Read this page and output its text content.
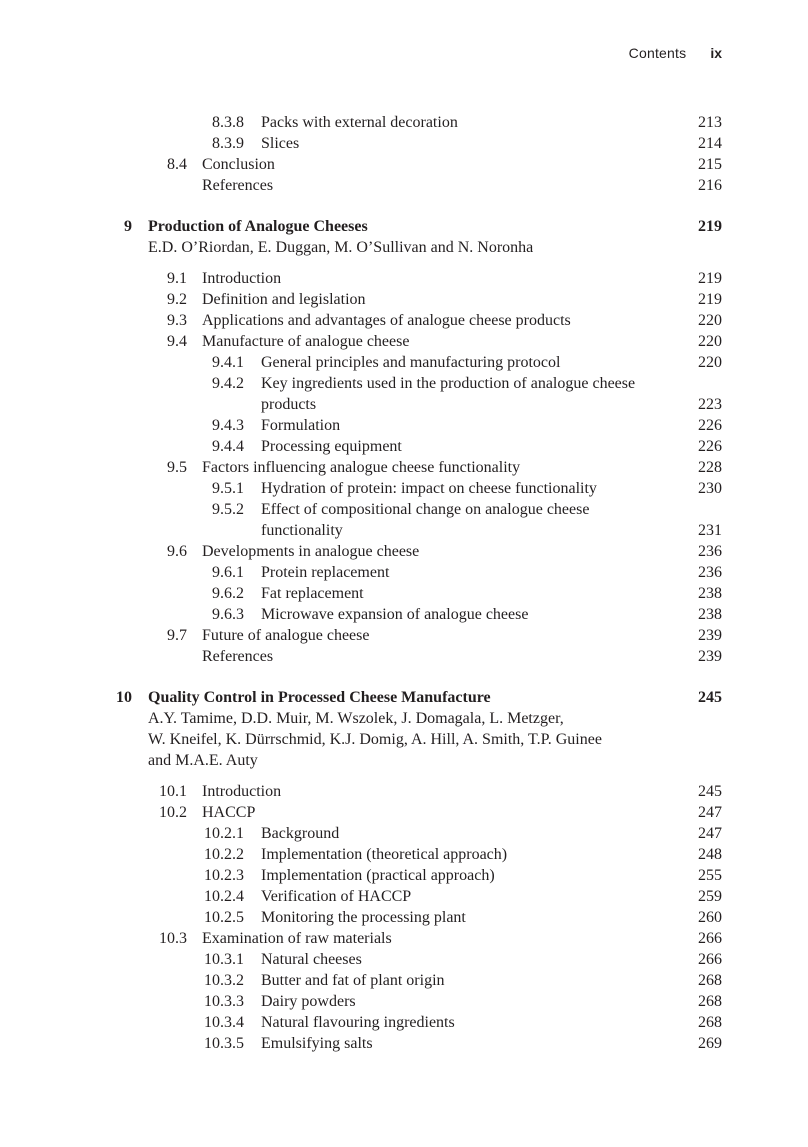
Contents ix
8.3.8 Packs with external decoration	213
8.3.9 Slices	214
8.4 Conclusion	215
References	216
9 Production of Analogue Cheeses	219
E.D. O’Riordan, E. Duggan, M. O’Sullivan and N. Noronha
9.1 Introduction	219
9.2 Definition and legislation	219
9.3 Applications and advantages of analogue cheese products	220
9.4 Manufacture of analogue cheese	220
9.4.1 General principles and manufacturing protocol	220
9.4.2 Key ingredients used in the production of analogue cheese
products	223
9.4.3 Formulation	226
9.4.4 Processing equipment	226
9.5 Factors influencing analogue cheese functionality	228
9.5.1 Hydration of protein: impact on cheese functionality	230
9.5.2 Effect of compositional change on analogue cheese
functionality	231
9.6 Developments in analogue cheese	236
9.6.1 Protein replacement	236
9.6.2 Fat replacement	238
9.6.3 Microwave expansion of analogue cheese	238
9.7 Future of analogue cheese	239
References	239
10 Quality Control in Processed Cheese Manufacture	245
A.Y. Tamime, D.D. Muir, M. Wszolek, J. Domagala, L. Metzger,
W. Kneifel, K. Dürrschmid, K.J. Domig, A. Hill, A. Smith, T.P. Guinee
and M.A.E. Auty
10.1 Introduction	245
10.2 HACCP	247
10.2.1 Background	247
10.2.2 Implementation (theoretical approach)	248
10.2.3 Implementation (practical approach)	255
10.2.4 Verification of HACCP	259
10.2.5 Monitoring the processing plant	260
10.3 Examination of raw materials	266
10.3.1 Natural cheeses	266
10.3.2 Butter and fat of plant origin	268
10.3.3 Dairy powders	268
10.3.4 Natural flavouring ingredients	268
10.3.5 Emulsifying salts	269
